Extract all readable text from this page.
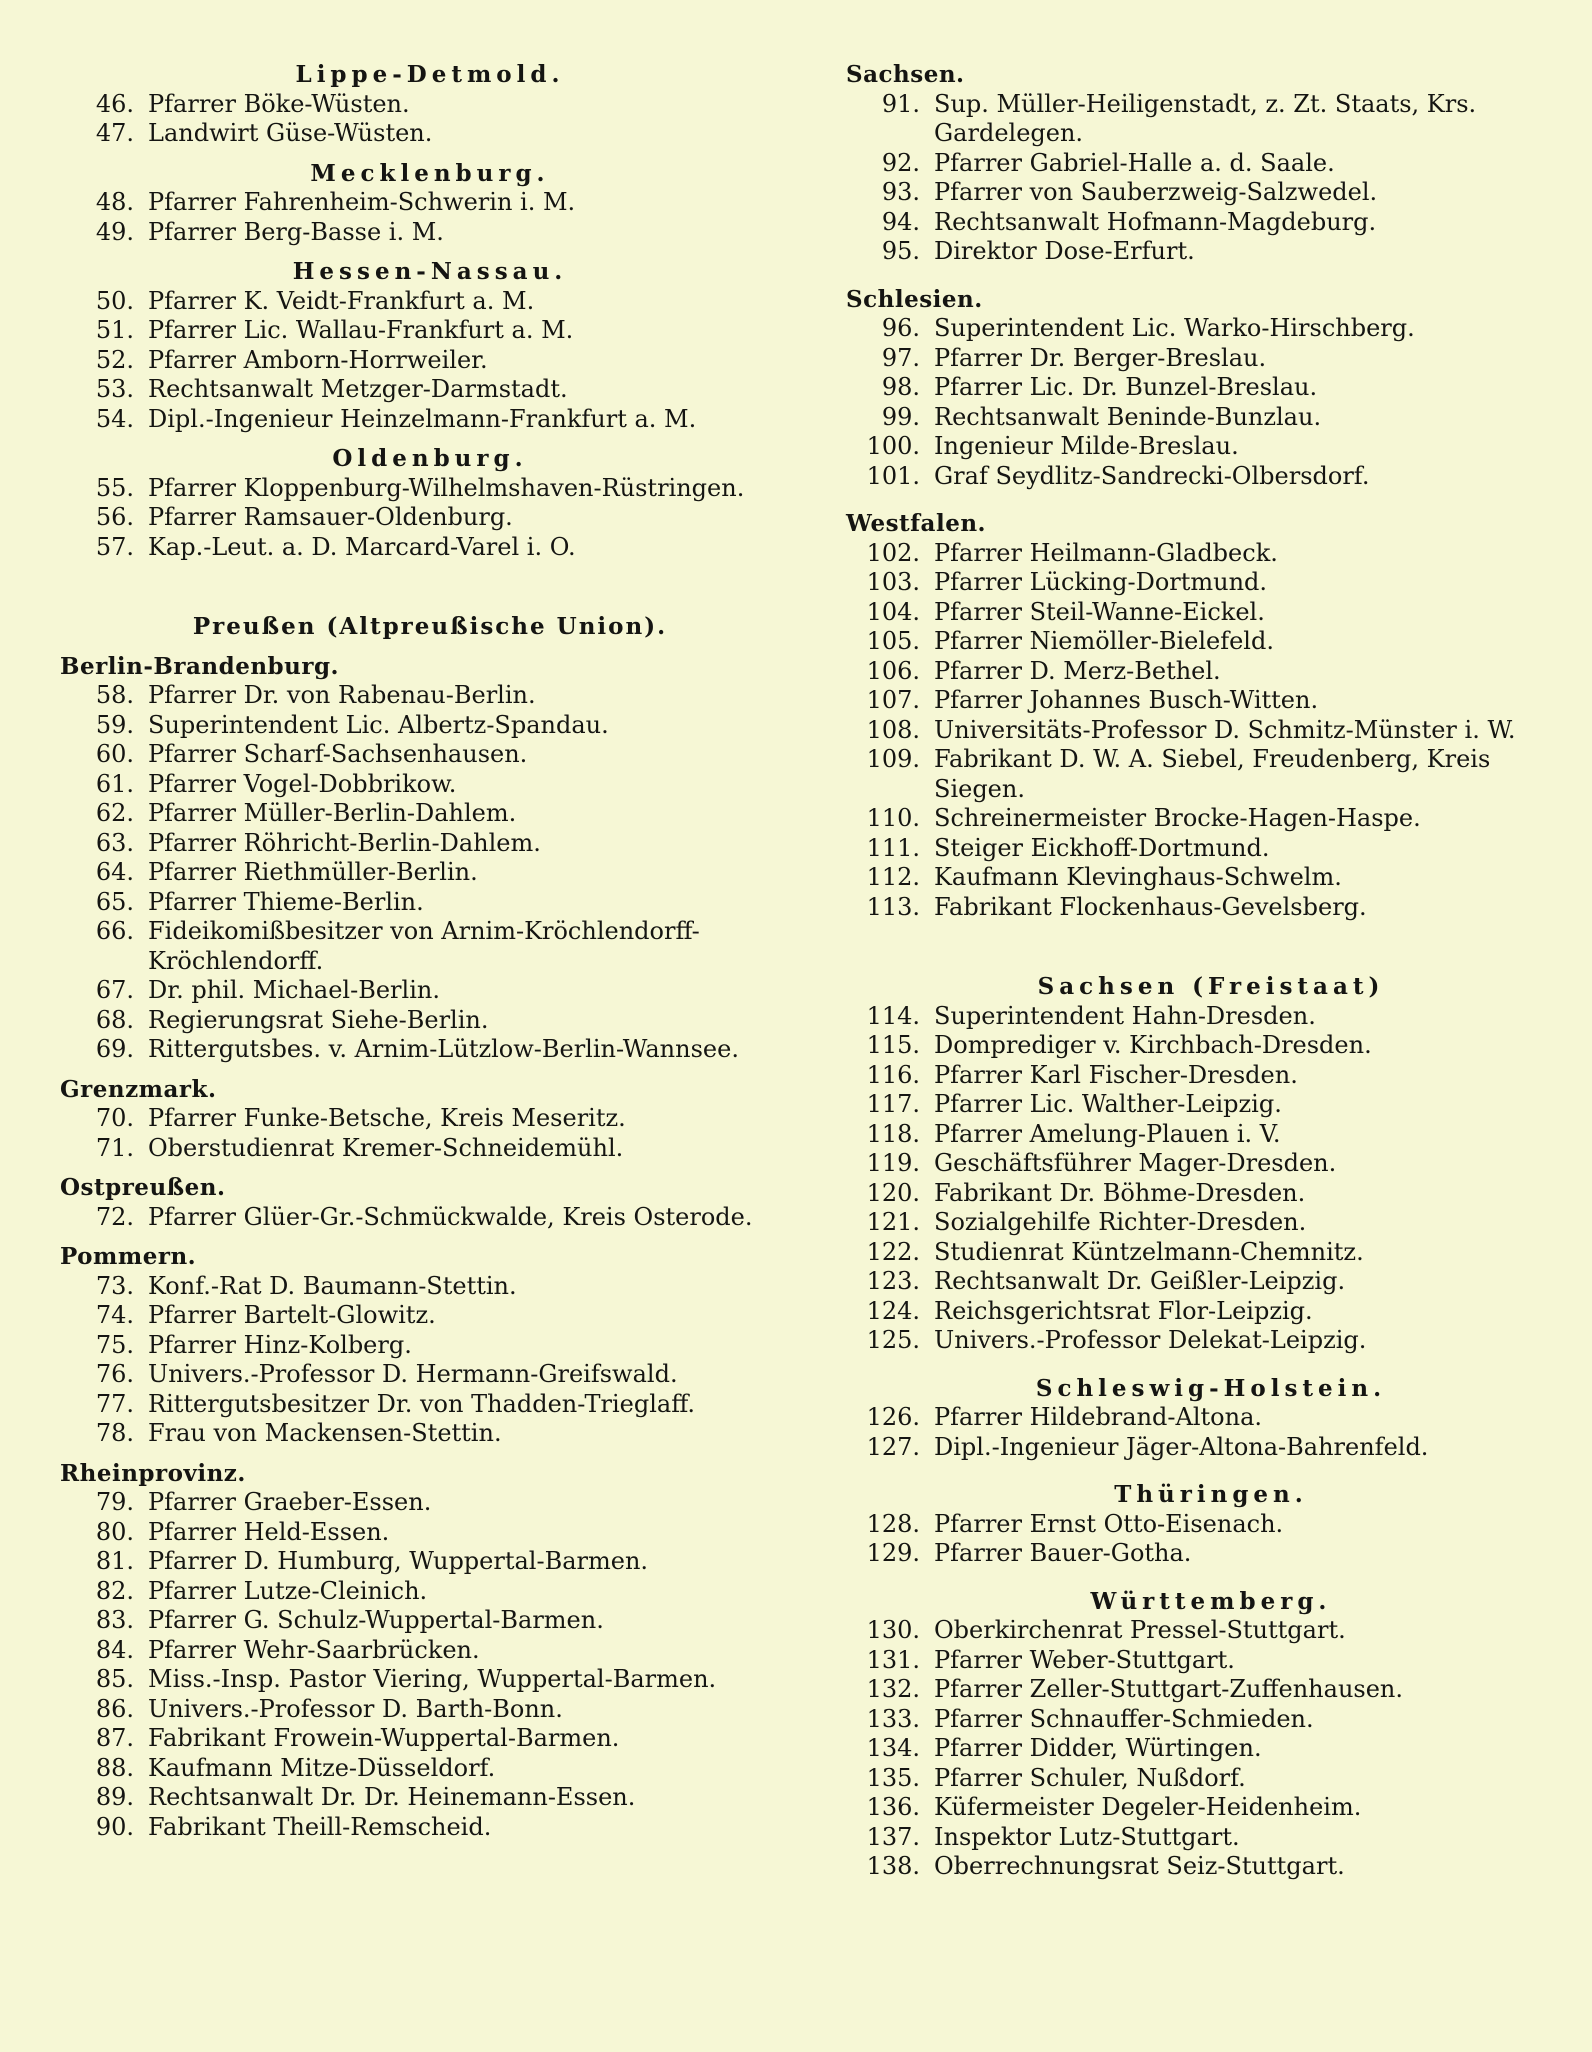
Lippe-Detmold.
46. Pfarrer Böke-Wüsten.
47. Landwirt Güse-Wüsten.
Mecklenburg.
48. Pfarrer Fahrenheim-Schwerin i. M.
49. Pfarrer Berg-Basse i. M.
Hessen-Nassau.
50. Pfarrer K. Veidt-Frankfurt a. M.
51. Pfarrer Lic. Wallau-Frankfurt a. M.
52. Pfarrer Amborn-Horrweiler.
53. Rechtsanwalt Metzger-Darmstadt.
54. Dipl.-Ingenieur Heinzelmann-Frankfurt a. M.
Oldenburg.
55. Pfarrer Kloppenburg-Wilhelmshaven-Rüstringen.
56. Pfarrer Ramsauer-Oldenburg.
57. Kap.-Leut. a. D. Marcard-Varel i. O.
Preußen (Altpreußische Union).
Berlin-Brandenburg.
58. Pfarrer Dr. von Rabenau-Berlin.
59. Superintendent Lic. Albertz-Spandau.
60. Pfarrer Scharf-Sachsenhausen.
61. Pfarrer Vogel-Dobbrikow.
62. Pfarrer Müller-Berlin-Dahlem.
63. Pfarrer Röhricht-Berlin-Dahlem.
64. Pfarrer Riethmüller-Berlin.
65. Pfarrer Thieme-Berlin.
66. Fideikomißbesitzer von Arnim-Kröchlendorff-Kröchlendorff.
67. Dr. phil. Michael-Berlin.
68. Regierungsrat Siehe-Berlin.
69. Rittergutsbes. v. Arnim-Lützlow-Berlin-Wannsee.
Grenzmark.
70. Pfarrer Funke-Betsche, Kreis Meseritz.
71. Oberstudienrat Kremer-Schneidemühl.
Ostpreußen.
72. Pfarrer Glüer-Gr.-Schmückwalde, Kreis Osterode.
Pommern.
73. Konf.-Rat D. Baumann-Stettin.
74. Pfarrer Bartelt-Glowitz.
75. Pfarrer Hinz-Kolberg.
76. Univers.-Professor D. Hermann-Greifswald.
77. Rittergutsbesitzer Dr. von Thadden-Trieglaff.
78. Frau von Mackensen-Stettin.
Rheinprovinz.
79. Pfarrer Graeber-Essen.
80. Pfarrer Held-Essen.
81. Pfarrer D. Humburg, Wuppertal-Barmen.
82. Pfarrer Lutze-Cleinich.
83. Pfarrer G. Schulz-Wuppertal-Barmen.
84. Pfarrer Wehr-Saarbrücken.
85. Miss.-Insp. Pastor Viering, Wuppertal-Barmen.
86. Univers.-Professor D. Barth-Bonn.
87. Fabrikant Frowein-Wuppertal-Barmen.
88. Kaufmann Mitze-Düsseldorf.
89. Rechtsanwalt Dr. Dr. Heinemann-Essen.
90. Fabrikant Theill-Remscheid.
Sachsen.
91. Sup. Müller-Heiligenstadt, z. Zt. Staats, Krs. Gardelegen.
92. Pfarrer Gabriel-Halle a. d. Saale.
93. Pfarrer von Sauberzweig-Salzwedel.
94. Rechtsanwalt Hofmann-Magdeburg.
95. Direktor Dose-Erfurt.
Schlesien.
96. Superintendent Lic. Warko-Hirschberg.
97. Pfarrer Dr. Berger-Breslau.
98. Pfarrer Lic. Dr. Bunzel-Breslau.
99. Rechtsanwalt Beninde-Bunzlau.
100. Ingenieur Milde-Breslau.
101. Graf Seydlitz-Sandrecki-Olbersdorf.
Westfalen.
102. Pfarrer Heilmann-Gladbeck.
103. Pfarrer Lücking-Dortmund.
104. Pfarrer Steil-Wanne-Eickel.
105. Pfarrer Niemöller-Bielefeld.
106. Pfarrer D. Merz-Bethel.
107. Pfarrer Johannes Busch-Witten.
108. Universitäts-Professor D. Schmitz-Münster i. W.
109. Fabrikant D. W. A. Siebel, Freudenberg, Kreis Siegen.
110. Schreinermeister Brocke-Hagen-Haspe.
111. Steiger Eickhoff-Dortmund.
112. Kaufmann Klevinghaus-Schwelm.
113. Fabrikant Flockenhaus-Gevelsberg.
Sachsen (Freistaat)
114. Superintendent Hahn-Dresden.
115. Domprediger v. Kirchbach-Dresden.
116. Pfarrer Karl Fischer-Dresden.
117. Pfarrer Lic. Walther-Leipzig.
118. Pfarrer Amelung-Plauen i. V.
119. Geschäftsführer Mager-Dresden.
120. Fabrikant Dr. Böhme-Dresden.
121. Sozialgehilfe Richter-Dresden.
122. Studienrat Küntzelmann-Chemnitz.
123. Rechtsanwalt Dr. Geißler-Leipzig.
124. Reichsgerichtsrat Flor-Leipzig.
125. Univers.-Professor Delekat-Leipzig.
Schleswig-Holstein.
126. Pfarrer Hildebrand-Altona.
127. Dipl.-Ingenieur Jäger-Altona-Bahrenfeld.
Thüringen.
128. Pfarrer Ernst Otto-Eisenach.
129. Pfarrer Bauer-Gotha.
Württemberg.
130. Oberkirchenrat Pressel-Stuttgart.
131. Pfarrer Weber-Stuttgart.
132. Pfarrer Zeller-Stuttgart-Zuffenhausen.
133. Pfarrer Schnauffer-Schmieden.
134. Pfarrer Didder, Würtingen.
135. Pfarrer Schuler, Nußdorf.
136. Küfermeister Degeler-Heidenheim.
137. Inspektor Lutz-Stuttgart.
138. Oberrechnungsrat Seiz-Stuttgart.
